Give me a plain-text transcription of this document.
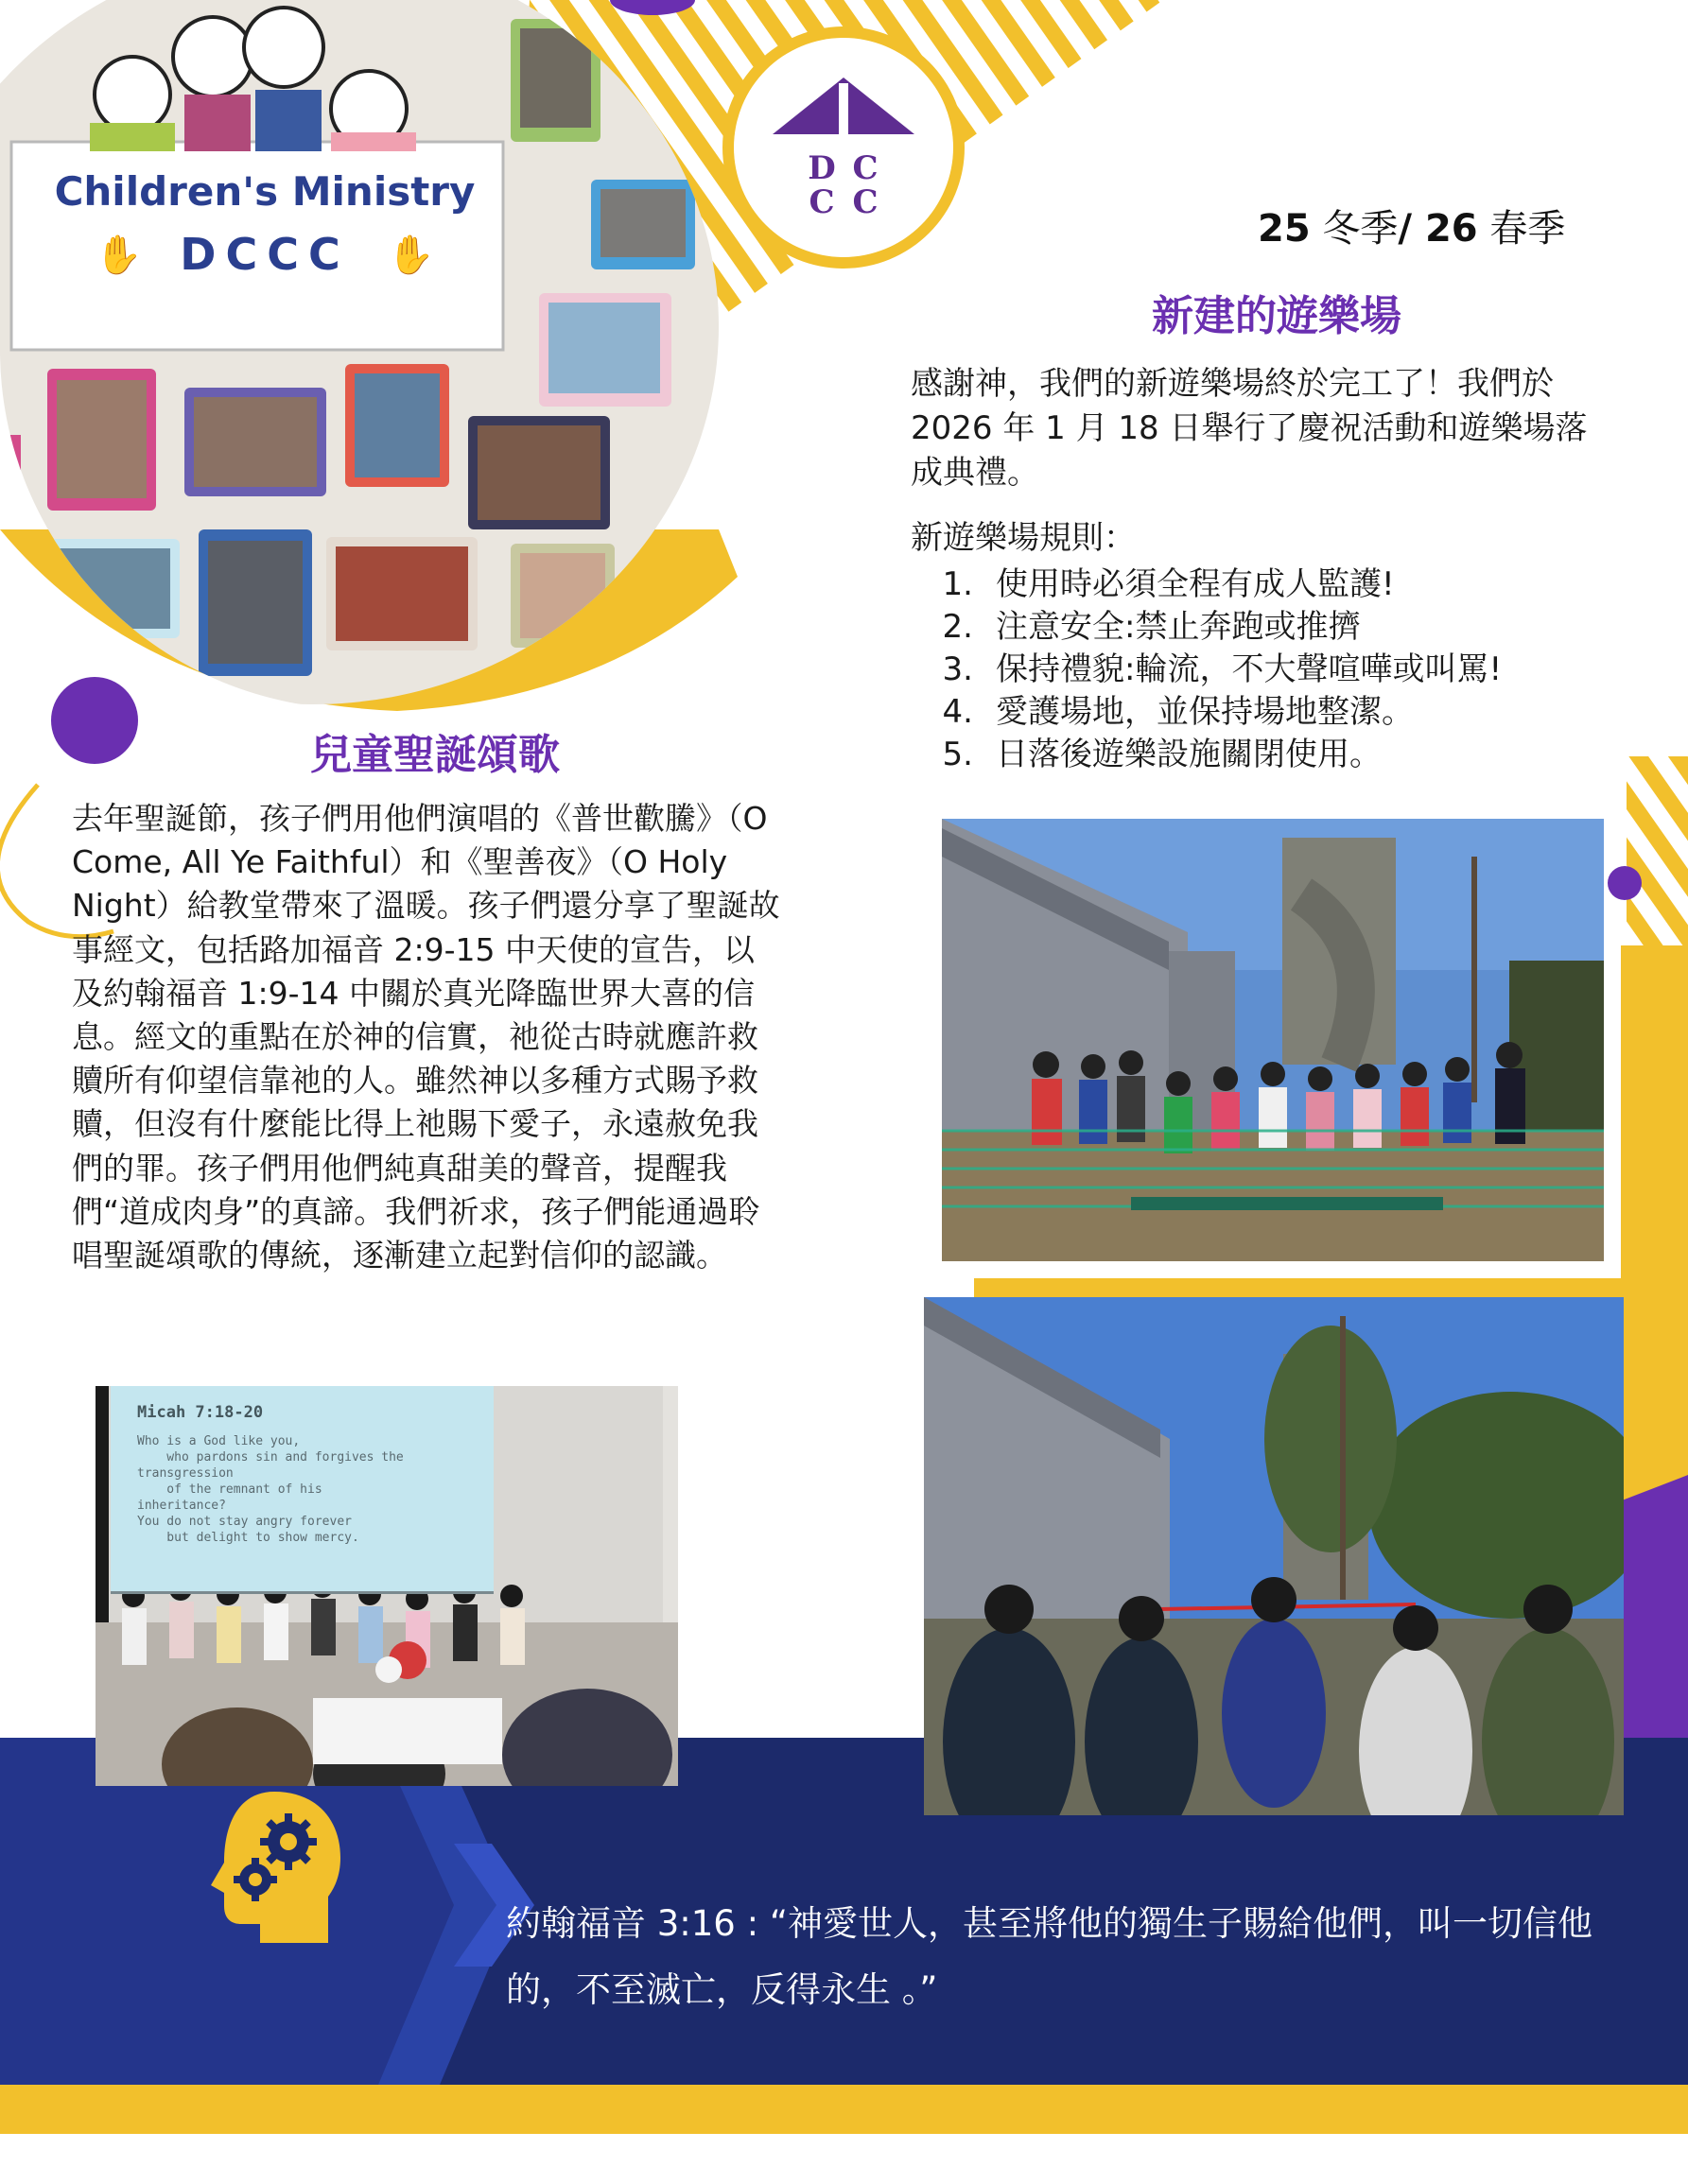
Children's Ministry
✋ DCCC ✋
D C
C C
25 冬季/ 26 春季
新建的遊樂場

感謝神，我們的新遊樂場終於完工了！我們於 2026 年 1 月 18 日舉行了慶祝活動和遊樂場落成典禮。

新遊樂場規則：
1. 使用時必須全程有成人監護!
2. 注意安全:禁止奔跑或推擠
3. 保持禮貌:輪流，不大聲喧嘩或叫罵!
4. 愛護場地，並保持場地整潔。
5. 日落後遊樂設施關閉使用。
兒童聖誕頌歌

去年聖誕節，孩子們用他們演唱的《普世歡騰》（O Come, All Ye Faithful）和《聖善夜》（O Holy Night）給教堂帶來了溫暖。孩子們還分享了聖誕故事經文，包括路加福音 2:9-15 中天使的宣告，以及約翰福音 1:9-14 中關於真光降臨世界大喜的信息。經文的重點在於神的信實，祂從古時就應許救贖所有仰望信靠祂的人。雖然神以多種方式賜予救贖，但沒有什麼能比得上祂賜下愛子，永遠赦免我們的罪。孩子們用他們純真甜美的聲音，提醒我們“道成肉身”的真諦。我們祈求，孩子們能通過聆唱聖誕頌歌的傳統，逐漸建立起對信仰的認識。

Micah 7:18-20
Who is a God like you,
who pardons sin and forgives the
transgression
of the remnant of his
inheritance?
You do not stay angry forever
but delight to show mercy.

約翰福音 3:16 : “神愛世人，甚至將他的獨生子賜給他們，叫一切信他的，不至滅亡，反得永生 。”
